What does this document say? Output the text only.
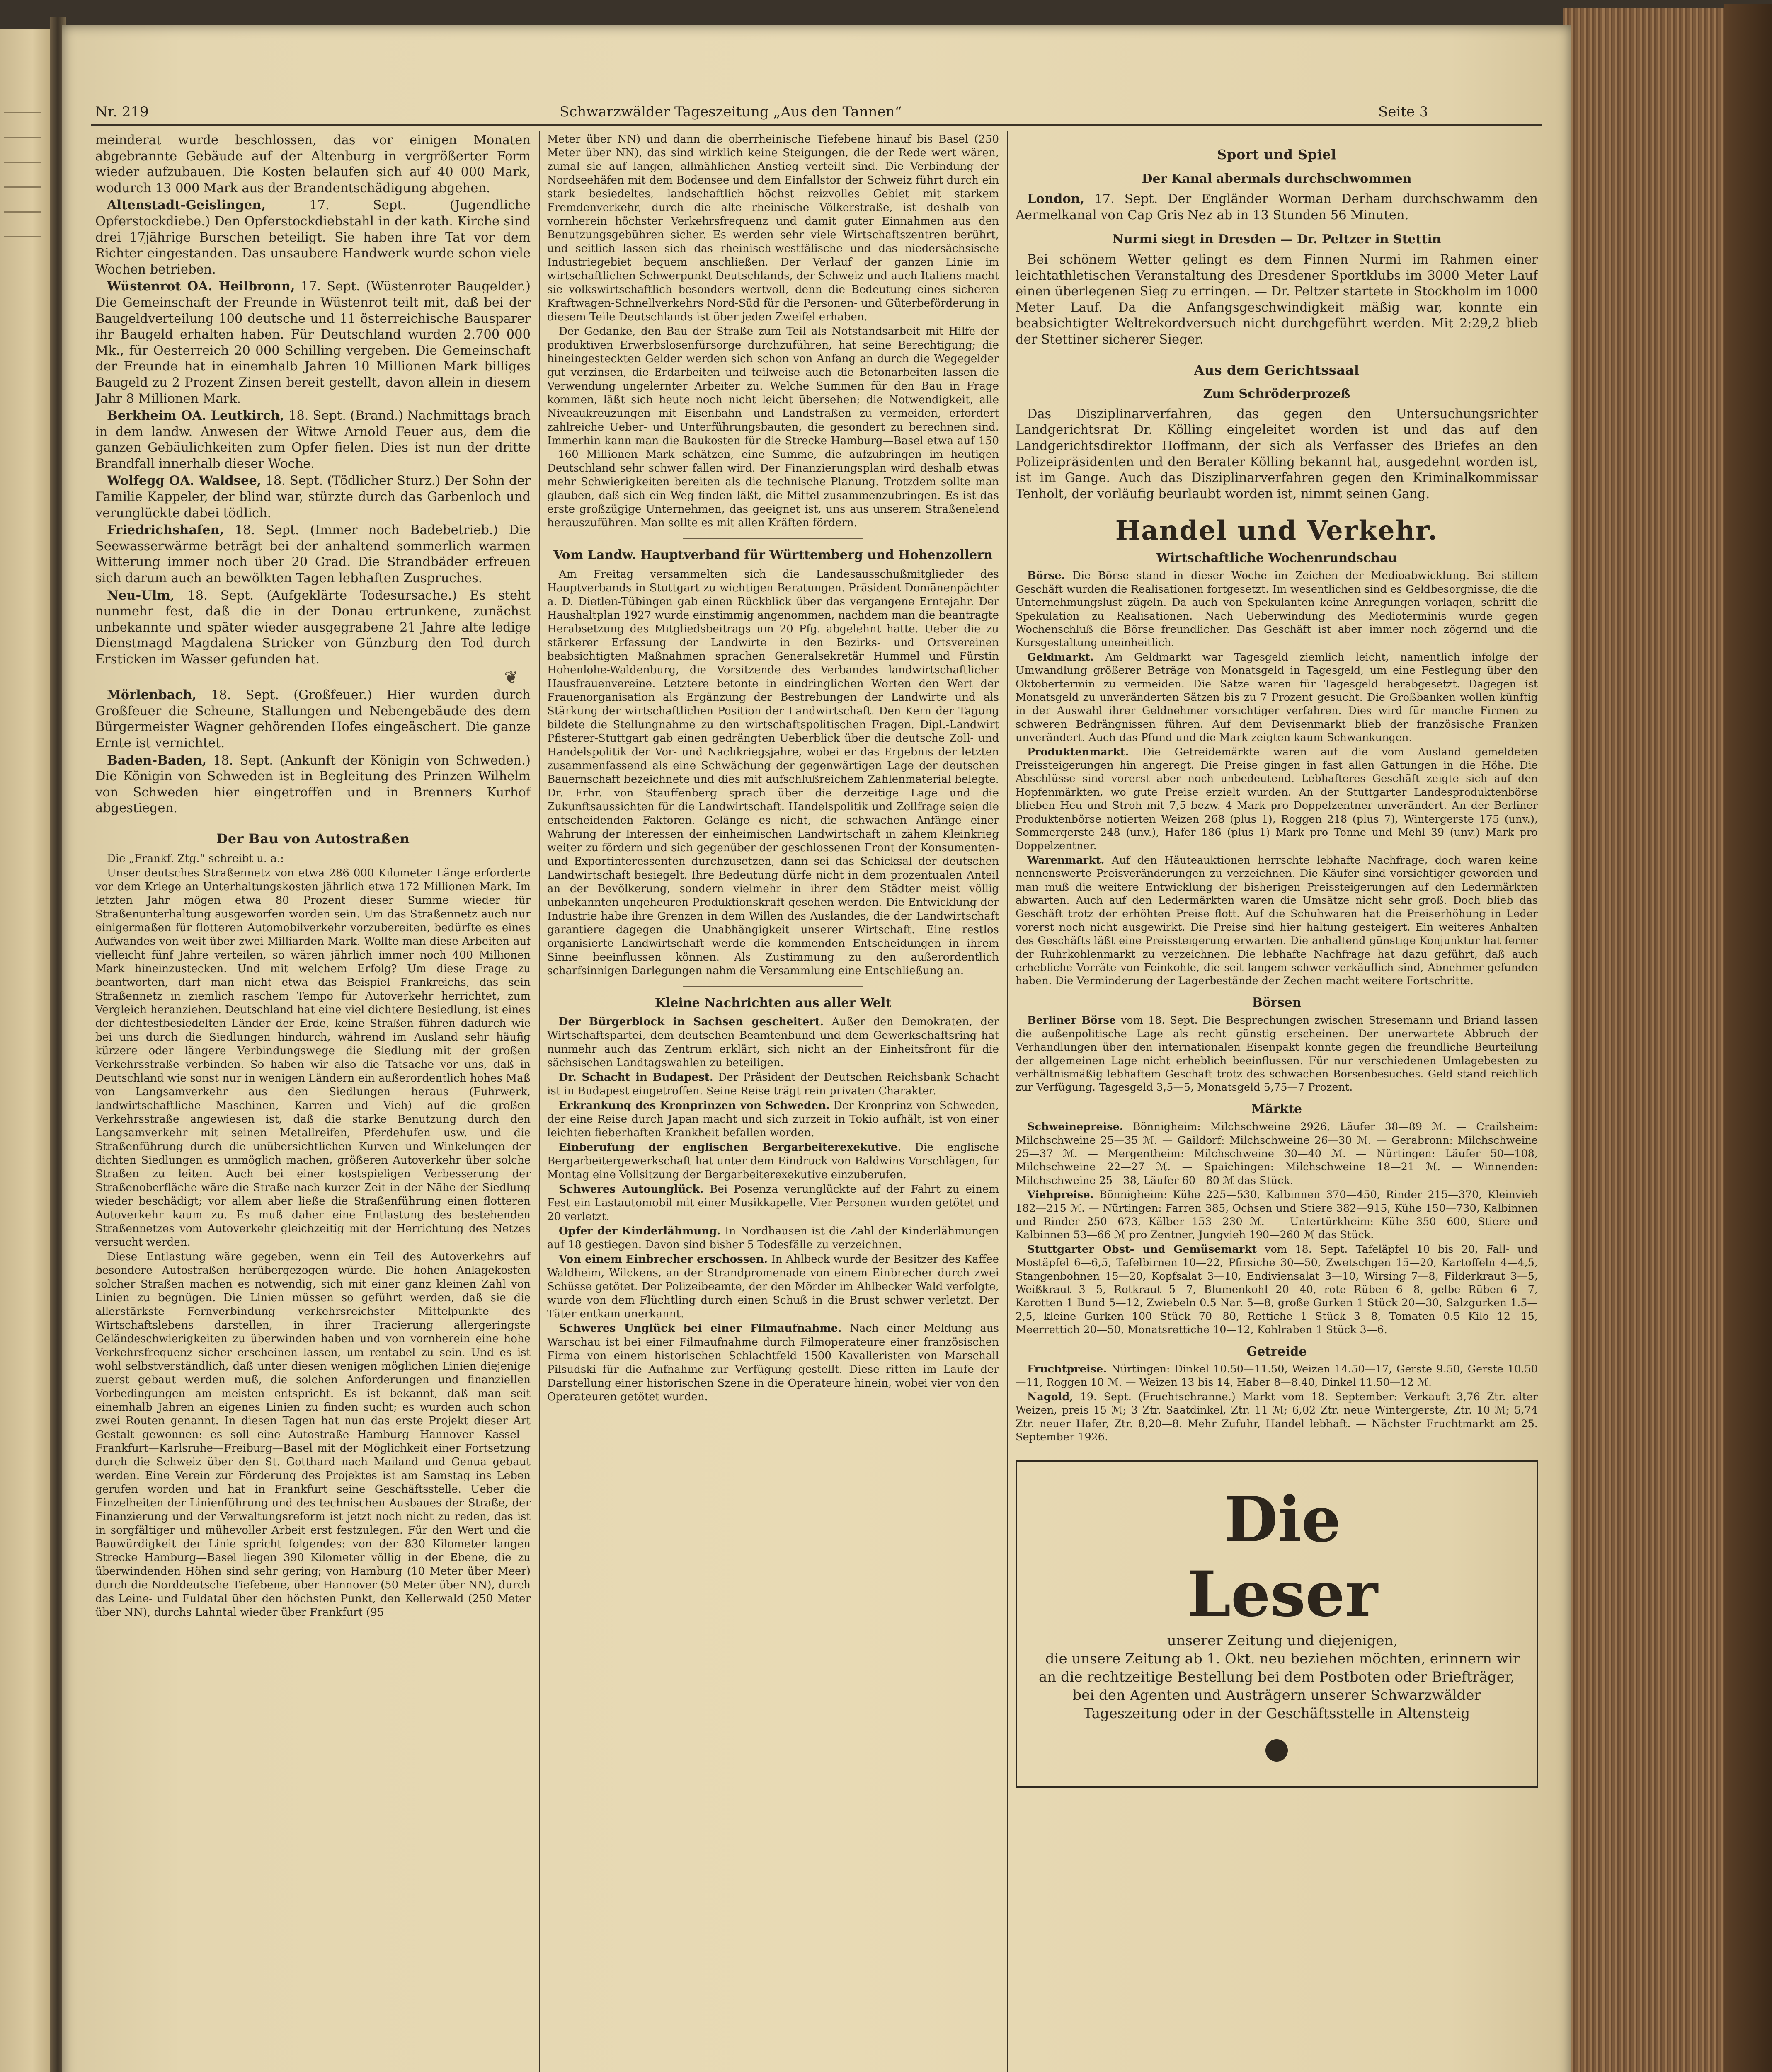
Nr. 219	Schwarzwälder Tageszeitung „Aus den Tannen“	Seite 3

meinderat wurde beschlossen, das vor einigen Monaten abgebrannte Gebäude auf der Altenburg in vergrößerter Form wieder aufzubauen. Die Kosten belaufen sich auf 40 000 Mark, wodurch 13 000 Mark aus der Brandentschädigung abgehen.

Altenstadt-Geislingen,	17. Sept. (Jugendliche Opferstockdiebe.) Den Opferstockdiebstahl in der kath. Kirche sind drei 17jährige Burschen beteiligt. Sie haben ihre Tat vor dem Richter eingestanden. Das unsaubere Handwerk wurde schon viele Wochen betrieben.

Wüstenrot OA. Heilbronn, 17. Sept. (Wüstenroter Baugelder.) Die Gemeinschaft der Freunde in Wüstenrot teilt mit, daß bei der Baugeldverteilung 100 deutsche und 11 österreichische Bausparer ihr Baugeld erhalten haben. Für Deutschland wurden 2.700 000 Mk., für Oesterreich 20 000 Schilling vergeben. Die Gemeinschaft der Freunde hat in einemhalb Jahren 10 Millionen Mark billiges Baugeld zu 2 Prozent Zinsen bereit gestellt, davon allein in diesem Jahr 8 Millionen Mark.

Berkheim OA. Leutkirch, 18. Sept. (Brand.) Nachmittags brach in dem landw. Anwesen der Witwe Arnold Feuer aus, dem die ganzen Gebäulichkeiten zum Opfer fielen. Dies ist nun der dritte Brandfall innerhalb dieser Woche.

Wolfegg OA. Waldsee, 18. Sept. (Tödlicher Sturz.) Der Sohn der Familie Kappeler, der blind war, stürzte durch das Garbenloch und verunglückte dabei tödlich.

Friedrichshafen, 18. Sept. (Immer noch Badebetrieb.) Die Seewasserwärme beträgt bei der anhaltend sommerlich warmen Witterung immer noch über 20 Grad. Die Strandbäder erfreuen sich darum auch an bewölkten Tagen lebhaften Zuspruches.

Neu-Ulm, 18. Sept. (Aufgeklärte Todesursache.) Es steht nunmehr fest, daß die in der Donau ertrunkene, zunächst unbekannte und später wieder ausgegrabene 21 Jahre alte ledige Dienstmagd Magdalena Stricker von Günzburg den Tod durch Ersticken im Wasser gefunden hat.

❦

Mörlenbach, 18. Sept. (Großfeuer.) Hier wurden durch Großfeuer die Scheune, Stallungen und Nebengebäude des dem Bürgermeister Wagner gehörenden Hofes eingeäschert. Die ganze Ernte ist vernichtet.

Baden-Baden, 18. Sept. (Ankunft der Königin von Schweden.) Die Königin von Schweden ist in Begleitung des Prinzen Wilhelm von Schweden hier eingetroffen und in Brenners Kurhof abgestiegen.

Der Bau von Autostraßen

Die „Frankf. Ztg.“ schreibt u. a.:

Unser deutsches Straßennetz von etwa 286 000 Kilometer Länge erforderte vor dem Kriege an Unterhaltungskosten jährlich etwa 172 Millionen Mark. Im letzten Jahr mögen etwa 80 Prozent dieser Summe wieder für Straßenunterhaltung ausgeworfen worden sein. Um das Straßennetz auch nur einigermaßen für flotteren Automobilverkehr vorzubereiten, bedürfte es eines Aufwandes von weit über zwei Milliarden Mark. Wollte man diese Arbeiten auf vielleicht fünf Jahre verteilen, so wären jährlich immer noch 400 Millionen Mark hineinzustecken. Und mit welchem Erfolg? Um diese Frage zu beantworten, darf man nicht etwa das Beispiel Frankreichs, das sein Straßennetz in ziemlich raschem Tempo für Autoverkehr herrichtet, zum Vergleich heranziehen. Deutschland hat eine viel dichtere Besiedlung, ist eines der dichtestbesiedelten Länder der Erde, keine Straßen führen dadurch wie bei uns durch die Siedlungen hindurch, während im Ausland sehr häufig kürzere oder längere Verbindungswege die Siedlung mit der großen Verkehrsstraße verbinden. So haben wir also die Tatsache vor uns, daß in Deutschland wie sonst nur in wenigen Ländern ein außerordentlich hohes Maß von Langsamverkehr aus den Siedlungen heraus (Fuhrwerk, landwirtschaftliche Maschinen, Karren und Vieh) auf die großen Verkehrsstraße angewiesen ist, daß die starke Benutzung durch den Langsamverkehr mit seinen Metallreifen, Pferdehufen usw. und die Straßenführung durch die unübersichtlichen Kurven und Winkelungen der dichten Siedlungen es unmöglich machen, größeren Autoverkehr über solche Straßen zu leiten. Auch bei einer kostspieligen Verbesserung der Straßenoberfläche wäre die Straße nach kurzer Zeit in der Nähe der Siedlung wieder beschädigt; vor allem aber ließe die Straßenführung einen flotteren Autoverkehr kaum zu. Es muß daher eine Entlastung des bestehenden Straßennetzes vom Autoverkehr gleichzeitig mit der Herrichtung des Netzes versucht werden.

Diese Entlastung wäre gegeben, wenn ein Teil des Autoverkehrs auf besondere Autostraßen herübergezogen würde. Die hohen Anlagekosten solcher Straßen machen es notwendig, sich mit einer ganz kleinen Zahl von Linien zu begnügen. Die Linien müssen so geführt werden, daß sie die allerstärkste Fernverbindung verkehrsreichster Mittelpunkte des Wirtschaftslebens darstellen, in ihrer Tracierung allergeringste Geländeschwierigkeiten zu überwinden haben und von vornherein eine hohe Verkehrsfrequenz sicher erscheinen lassen, um rentabel zu sein. Und es ist wohl selbstverständlich, daß unter diesen wenigen möglichen Linien diejenige zuerst gebaut werden muß, die solchen Anforderungen und finanziellen Vorbedingungen am meisten entspricht. Es ist bekannt, daß man seit einemhalb Jahren an eigenes Linien zu finden sucht; es wurden auch schon zwei Routen genannt. In diesen Tagen hat nun das erste Projekt dieser Art Gestalt gewonnen: es soll eine Autostraße Hamburg—Hannover—Kassel—Frankfurt—Karlsruhe—Freiburg—Basel mit der Möglichkeit einer Fortsetzung durch die Schweiz über den St. Gotthard nach Mailand und Genua gebaut werden. Eine Verein zur Förderung des Projektes ist am Samstag ins Leben gerufen worden und hat in Frankfurt seine Geschäftsstelle. Ueber die Einzelheiten der Linienführung und des technischen Ausbaues der Straße, der Finanzierung und der Verwaltungsreform ist jetzt noch nicht zu reden, das ist in sorgfältiger und mühevoller Arbeit erst festzulegen. Für den Wert und die Bauwürdigkeit der Linie spricht folgendes: von der 830 Kilometer langen Strecke Hamburg—Basel liegen 390 Kilometer völlig in der Ebene, die zu überwindenden Höhen sind sehr gering; von Hamburg (10 Meter über Meer) durch die Norddeutsche Tiefebene, über Hannover (50 Meter über NN), durch das Leine- und Fuldatal über den höchsten Punkt, den Kellerwald (250 Meter über NN), durchs Lahntal wieder über Frankfurt (95

Meter über NN) und dann die oberrheinische Tiefebene hinauf bis Basel (250 Meter über NN), das sind wirklich keine Steigungen, die der Rede wert wären, zumal sie auf langen, allmählichen Anstieg verteilt sind. Die Verbindung der Nordseehäfen mit dem Bodensee und dem Einfallstor der Schweiz führt durch ein stark besiedeltes, landschaftlich höchst reizvolles Gebiet mit starkem Fremdenverkehr, durch die alte rheinische Völkerstraße, ist deshalb von vornherein höchster Verkehrsfrequenz und damit guter Einnahmen aus den Benutzungsgebühren sicher. Es werden sehr viele Wirtschaftszentren berührt, und seitlich lassen sich das rheinisch-westfälische und das niedersächsische Industriegebiet bequem anschließen. Der Verlauf der ganzen Linie im wirtschaftlichen Schwerpunkt Deutschlands, der Schweiz und auch Italiens macht sie volkswirtschaftlich besonders wertvoll, denn die Bedeutung eines sicheren Kraftwagen-Schnellverkehrs Nord-Süd für die Personen- und Güterbeförderung in diesem Teile Deutschlands ist über jeden Zweifel erhaben.

Der Gedanke, den Bau der Straße zum Teil als Notstandsarbeit mit Hilfe der produktiven Erwerbslosenfürsorge durchzuführen, hat seine Berechtigung; die hineingesteckten Gelder werden sich schon von Anfang an durch die Wegegelder gut verzinsen, die Erdarbeiten und teilweise auch die Betonarbeiten lassen die Verwendung ungelernter Arbeiter zu. Welche Summen für den Bau in Frage kommen, läßt sich heute noch nicht leicht übersehen; die Notwendigkeit, alle Niveaukreuzungen mit Eisenbahn- und Landstraßen zu vermeiden, erfordert zahlreiche Ueber- und Unterführungsbauten, die gesondert zu berechnen sind. Immerhin kann man die Baukosten für die Strecke Hamburg—Basel etwa auf 150—160 Millionen Mark schätzen, eine Summe, die aufzubringen im heutigen Deutschland sehr schwer fallen wird. Der Finanzierungsplan wird deshalb etwas mehr Schwierigkeiten bereiten als die technische Planung. Trotzdem sollte man glauben, daß sich ein Weg finden läßt, die Mittel zusammenzubringen. Es ist das erste großzügige Unternehmen, das geeignet ist, uns aus unserem Straßenelend herauszuführen. Man sollte es mit allen Kräften fördern.

Vom Landw. Hauptverband für Württemberg und Hohenzollern

Am Freitag versammelten sich die Landesausschußmitglieder des Hauptverbands in Stuttgart zu wichtigen Beratungen. Präsident Domänenpächter a. D. Dietlen-Tübingen gab einen Rückblick über das vergangene Erntejahr. Der Haushaltplan 1927 wurde einstimmig angenommen, nachdem man die beantragte Herabsetzung des Mitgliedsbeitrags um 20 Pfg. abgelehnt hatte. Ueber die zu stärkerer Erfassung der Landwirte in den Bezirks- und Ortsvereinen beabsichtigten Maßnahmen sprachen Generalsekretär Hummel und Fürstin Hohenlohe-Waldenburg, die Vorsitzende des Verbandes landwirtschaftlicher Hausfrauenvereine. Letztere betonte in eindringlichen Worten den Wert der Frauenorganisation als Ergänzung der Bestrebungen der Landwirte und als Stärkung der wirtschaftlichen Position der Landwirtschaft. Den Kern der Tagung bildete die Stellungnahme zu den wirtschaftspolitischen Fragen. Dipl.-Landwirt Pfisterer-Stuttgart gab einen gedrängten Ueberblick über die deutsche Zoll- und Handelspolitik der Vor- und Nachkriegsjahre, wobei er das Ergebnis der letzten zusammenfassend als eine Schwächung der gegenwärtigen Lage der deutschen Bauernschaft bezeichnete und dies mit aufschlußreichem Zahlenmaterial belegte. Dr. Frhr. von Stauffenberg sprach über die derzeitige Lage und die Zukunftsaussichten für die Landwirtschaft. Handelspolitik und Zollfrage seien die entscheidenden Faktoren. Gelänge es nicht, die schwachen Anfänge einer Wahrung der Interessen der einheimischen Landwirtschaft in zähem Kleinkrieg weiter zu fördern und sich gegenüber der geschlossenen Front der Konsumenten- und Exportinteressenten durchzusetzen, dann sei das Schicksal der deutschen Landwirtschaft besiegelt. Ihre Bedeutung dürfe nicht in dem prozentualen Anteil an der Bevölkerung, sondern vielmehr in ihrer dem Städter meist völlig unbekannten ungeheuren Produktionskraft gesehen werden. Die Entwicklung der Industrie habe ihre Grenzen in dem Willen des Auslandes, die der Landwirtschaft garantiere dagegen die Unabhängigkeit unserer Wirtschaft. Eine restlos organisierte Landwirtschaft werde die kommenden Entscheidungen in ihrem Sinne beeinflussen können. Als Zustimmung zu den außerordentlich scharfsinnigen Darlegungen nahm die Versammlung eine Entschließung an.

Kleine Nachrichten aus aller Welt

Der Bürgerblock in Sachsen gescheitert. Außer den Demokraten, der Wirtschaftspartei, dem deutschen Beamtenbund und dem Gewerkschaftsring hat nunmehr auch das Zentrum erklärt, sich nicht an der Einheitsfront für die sächsischen Landtagswahlen zu beteiligen.

Dr. Schacht in Budapest. Der Präsident der Deutschen Reichsbank Schacht ist in Budapest eingetroffen. Seine Reise trägt rein privaten Charakter.

Erkrankung des Kronprinzen von Schweden. Der Kronprinz von Schweden, der eine Reise durch Japan macht und sich zurzeit in Tokio aufhält, ist von einer leichten fieberhaften Krankheit befallen worden.

Einberufung der englischen Bergarbeiterexekutive. Die englische Bergarbeitergewerkschaft hat unter dem Eindruck von Baldwins Vorschlägen, für Montag eine Vollsitzung der Bergarbeiterexekutive einzuberufen.

Schweres Autounglück. Bei Posenza verunglückte auf der Fahrt zu einem Fest ein Lastautomobil mit einer Musikkapelle. Vier Personen wurden getötet und 20 verletzt.

Opfer der Kinderlähmung. In Nordhausen ist die Zahl der Kinderlähmungen auf 18 gestiegen. Davon sind bisher 5 Todesfälle zu verzeichnen.

Von einem Einbrecher erschossen. In Ahlbeck wurde der Besitzer des Kaffee Waldheim, Wilckens, an der Strandpromenade von einem Einbrecher durch zwei Schüsse getötet. Der Polizeibeamte, der den Mörder im Ahlbecker Wald verfolgte, wurde von dem Flüchtling durch einen Schuß in die Brust schwer verletzt. Der Täter entkam unerkannt.

Schweres Unglück bei einer Filmaufnahme. Nach einer Meldung aus Warschau ist bei einer Filmaufnahme durch Filmoperateure einer französischen Firma von einem historischen Schlachtfeld 1500 Kavalleristen von Marschall Pilsudski für die Aufnahme zur Verfügung gestellt. Diese ritten im Laufe der Darstellung einer historischen Szene in die Operateure hinein, wobei vier von den Operateuren getötet wurden.

Sport und Spiel
Der Kanal abermals durchschwommen

London, 17. Sept. Der Engländer Worman Derham durchschwamm den Aermelkanal von Cap Gris Nez ab in 13 Stunden 56 Minuten.

Nurmi siegt in Dresden — Dr. Peltzer in Stettin

Bei schönem Wetter gelingt es dem Finnen Nurmi im Rahmen einer leichtathletischen Veranstaltung des Dresdener Sportklubs im 3000 Meter Lauf einen überlegenen Sieg zu erringen. — Dr. Peltzer startete in Stockholm im 1000 Meter Lauf. Da die Anfangsgeschwindigkeit mäßig war, konnte ein beabsichtigter Weltrekordversuch nicht durchgeführt werden. Mit 2:29,2 blieb der Stettiner sicherer Sieger.

Aus dem Gerichtssaal
Zum Schröderprozeß

Das Disziplinarverfahren, das gegen den Untersuchungsrichter Landgerichtsrat Dr. Kölling eingeleitet worden ist und das auf den Landgerichtsdirektor Hoffmann, der sich als Verfasser des Briefes an den Polizeipräsidenten und den Berater Kölling bekannt hat, ausgedehnt worden ist, ist im Gange. Auch das Disziplinarverfahren gegen den Kriminalkommissar Tenholt, der vorläufig beurlaubt worden ist, nimmt seinen Gang.

Handel und Verkehr.
Wirtschaftliche Wochenrundschau

Börse. Die Börse stand in dieser Woche im Zeichen der Medioabwicklung. Bei stillem Geschäft wurden die Realisationen fortgesetzt. Im wesentlichen sind es Geldbesorgnisse, die die Unternehmungslust zügeln. Da auch von Spekulanten keine Anregungen vorlagen, schritt die Spekulation zu Realisationen. Nach Ueberwindung des Medioterminis wurde gegen Wochenschluß die Börse freundlicher. Das Geschäft ist aber immer noch zögernd und die Kursgestaltung uneinheitlich.

Geldmarkt. Am Geldmarkt war Tagesgeld ziemlich leicht, namentlich infolge der Umwandlung größerer Beträge von Monatsgeld in Tagesgeld, um eine Festlegung über den Oktobertermin zu vermeiden. Die Sätze waren für Tagesgeld herabgesetzt. Dagegen ist Monatsgeld zu unveränderten Sätzen bis zu 7 Prozent gesucht. Die Großbanken wollen künftig in der Auswahl ihrer Geldnehmer vorsichtiger verfahren. Dies wird für manche Firmen zu schweren Bedrängnissen führen. Auf dem Devisenmarkt blieb der französische Franken unverändert. Auch das Pfund und die Mark zeigten kaum Schwankungen.

Produktenmarkt. Die Getreidemärkte waren auf die vom Ausland gemeldeten Preissteigerungen hin angeregt. Die Preise gingen in fast allen Gattungen in die Höhe. Die Abschlüsse sind vorerst aber noch unbedeutend. Lebhafteres Geschäft zeigte sich auf den Hopfenmärkten, wo gute Preise erzielt wurden. An der Stuttgarter Landesproduktenbörse blieben Heu und Stroh mit 7,5 bezw. 4 Mark pro Doppelzentner unverändert. An der Berliner Produktenbörse notierten Weizen 268 (plus 1), Roggen 218 (plus 7), Wintergerste 175 (unv.), Sommergerste 248 (unv.), Hafer 186 (plus 1) Mark pro Tonne und Mehl 39 (unv.) Mark pro Doppelzentner.

Warenmarkt. Auf den Häuteauktionen herrschte lebhafte Nachfrage, doch waren keine nennenswerte Preisveränderungen zu verzeichnen. Die Käufer sind vorsichtiger geworden und man muß die weitere Entwicklung der bisherigen Preissteigerungen auf den Ledermärkten abwarten. Auch auf den Ledermärkten waren die Umsätze nicht sehr groß. Doch blieb das Geschäft trotz der erhöhten Preise flott. Auf die Schuhwaren hat die Preiserhöhung in Leder vorerst noch nicht ausgewirkt. Die Preise sind hier haltung gesteigert. Ein weiteres Anhalten des Geschäfts läßt eine Preissteigerung erwarten. Die anhaltend günstige Konjunktur hat ferner der Ruhrkohlenmarkt zu verzeichnen. Die lebhafte Nachfrage hat dazu geführt, daß auch erhebliche Vorräte von Feinkohle, die seit langem schwer verkäuflich sind, Abnehmer gefunden haben. Die Verminderung der Lagerbestände der Zechen macht weitere Fortschritte.

Börsen

Berliner Börse vom 18. Sept. Die Besprechungen zwischen Stresemann und Briand lassen die außenpolitische Lage als recht günstig erscheinen. Der unerwartete Abbruch der Verhandlungen über den internationalen Eisenpakt konnte gegen die freundliche Beurteilung der allgemeinen Lage nicht erheblich beeinflussen. Für nur verschiedenen Umlagebesten zu verhältnismäßig lebhaftem Geschäft trotz des schwachen Börsenbesuches. Geld stand reichlich zur Verfügung. Tagesgeld 3,5—5, Monatsgeld 5,75—7 Prozent.

Märkte

Schweinepreise. Bönnigheim: Milchschweine 2926, Läufer 38—89 ℳ. — Crailsheim: Milchschweine 25—35 ℳ. — Gaildorf: Milchschweine 26—30 ℳ. — Gerabronn: Milchschweine 25—37 ℳ. — Mergentheim: Milchschweine 30—40 ℳ. — Nürtingen: Läufer 50—108, Milchschweine 22—27 ℳ. — Spaichingen: Milchschweine 18—21 ℳ. — Winnenden: Milchschweine 25—38, Läufer 60—80 ℳ das Stück.

Viehpreise. Bönnigheim: Kühe 225—530, Kalbinnen 370—450, Rinder 215—370, Kleinvieh 182—215 ℳ. — Nürtingen: Farren 385, Ochsen und Stiere 382—915, Kühe 150—730, Kalbinnen und Rinder 250—673, Kälber 153—230 ℳ. — Untertürkheim: Kühe 350—600, Stiere und Kalbinnen 53—66 ℳ pro Zentner, Jungvieh 190—260 ℳ das Stück.

Stuttgarter Obst- und Gemüsemarkt vom 18. Sept. Tafeläpfel 10 bis 20, Fall- und Mostäpfel 6—6,5, Tafelbirnen 10—22, Pfirsiche 30—50, Zwetschgen 15—20, Kartoffeln 4—4,5, Stangenbohnen 15—20, Kopfsalat 3—10, Endiviensalat 3—10, Wirsing 7—8, Filderkraut 3—5, Weißkraut 3—5, Rotkraut 5—7, Blumenkohl 20—40, rote Rüben 6—8, gelbe Rüben 6—7, Karotten 1 Bund 5—12, Zwiebeln 0.5 Nar. 5—8, große Gurken 1 Stück 20—30, Salzgurken 1.5—2,5, kleine Gurken 100 Stück 70—80, Rettiche 1 Stück 3—8, Tomaten 0.5 Kilo 12—15, Meerrettich 20—50, Monatsrettiche 10—12, Kohlraben 1 Stück 3—6.

Getreide

Fruchtpreise. Nürtingen: Dinkel 10.50—11.50, Weizen 14.50—17, Gerste 9.50, Gerste 10.50—11, Roggen 10 ℳ. — Weizen 13 bis 14, Haber 8—8.40, Dinkel 11.50—12 ℳ.

Nagold, 19. Sept. (Fruchtschranne.) Markt vom 18. September: Verkauft 3,76 Ztr. alter Weizen, preis 15 ℳ; 3 Ztr. Saatdinkel, Ztr. 11 ℳ; 6,02 Ztr. neue Wintergerste, Ztr. 10 ℳ; 5,74 Ztr. neuer Hafer, Ztr. 8,20—8. Mehr Zufuhr, Handel lebhaft. — Nächster Fruchtmarkt am 25. September 1926.

Die

Leser

unserer Zeitung und diejenigen,

die unsere Zeitung ab 1. Okt. neu beziehen möchten, erinnern wir an die rechtzeitige Bestellung bei dem Postboten oder Briefträger, bei den Agenten und Austrägern unserer Schwarzwälder Tageszeitung oder in der Geschäftsstelle in Altensteig
